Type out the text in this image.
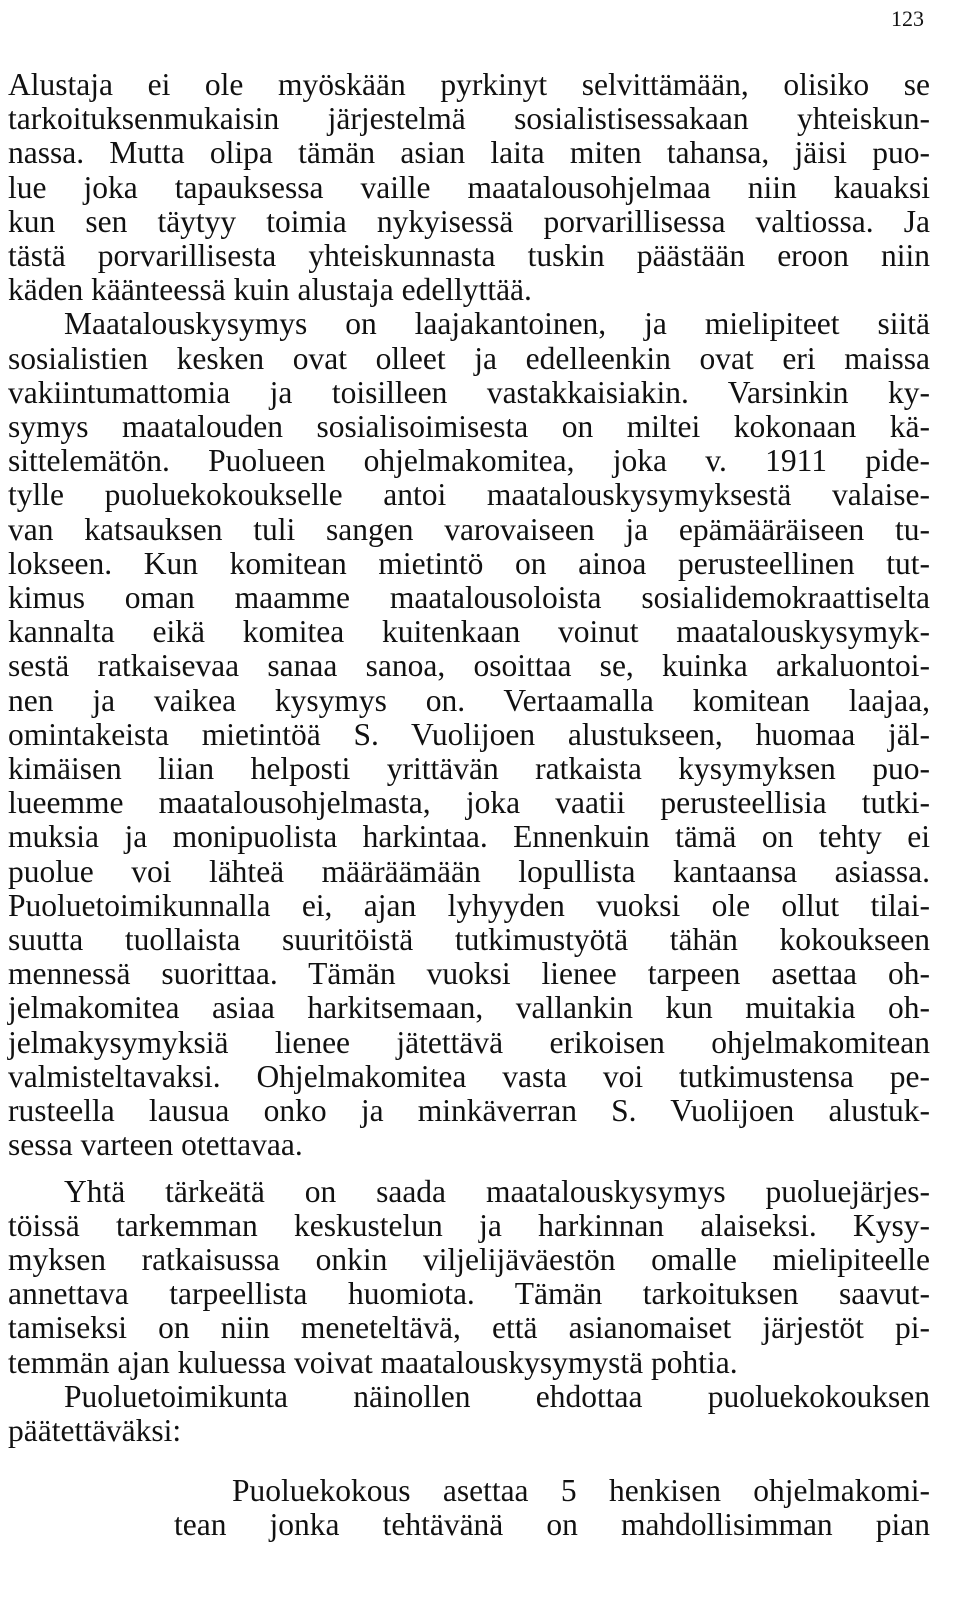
123
Alustaja ei ole myöskään pyrkinyt selvittämään, olisiko se
tarkoituksenmukaisin järjestelmä sosialistisessakaan yhteiskun-
nassa. Mutta olipa tämän asian laita miten tahansa, jäisi puo-
lue joka tapauksessa vaille maatalousohjelmaa niin kauaksi
kun sen täytyy toimia nykyisessä porvarillisessa valtiossa. Ja
tästä porvarillisesta yhteiskunnasta tuskin päästään eroon niin
käden käänteessä kuin alustaja edellyttää.
Maatalouskysymys on laajakantoinen, ja mielipiteet siitä
sosialistien kesken ovat olleet ja edelleenkin ovat eri maissa
vakiintumattomia ja toisilleen vastakkaisiakin. Varsinkin ky-
symys maatalouden sosialisoimisesta on miltei kokonaan kä-
sittelemätön. Puolueen ohjelmakomitea, joka v. 1911 pide-
tylle puoluekokoukselle antoi maatalouskysymyksestä valaise-
van katsauksen tuli sangen varovaiseen ja epämääräiseen tu-
lokseen. Kun komitean mietintö on ainoa perusteellinen tut-
kimus oman maamme maatalousoloista sosialidemokraattiselta
kannalta eikä komitea kuitenkaan voinut maatalouskysymyk-
sestä ratkaisevaa sanaa sanoa, osoittaa se, kuinka arkaluontoi-
nen ja vaikea kysymys on. Vertaamalla komitean laajaa,
omintakeista mietintöä S. Vuolijoen alustukseen, huomaa jäl-
kimäisen liian helposti yrittävän ratkaista kysymyksen puo-
lueemme maatalousohjelmasta, joka vaatii perusteellisia tutki-
muksia ja monipuolista harkintaa. Ennenkuin tämä on tehty ei
puolue voi lähteä määräämään lopullista kantaansa asiassa.
Puoluetoimikunnalla ei, ajan lyhyyden vuoksi ole ollut tilai-
suutta tuollaista suuritöistä tutkimustyötä tähän kokoukseen
mennessä suorittaa. Tämän vuoksi lienee tarpeen asettaa oh-
jelmakomitea asiaa harkitsemaan, vallankin kun muitakia oh-
jelmakysymyksiä lienee jätettävä erikoisen ohjelmakomitean
valmisteltavaksi. Ohjelmakomitea vasta voi tutkimustensa pe-
rusteella lausua onko ja minkäverran S. Vuolijoen alustuk-
sessa varteen otettavaa.
Yhtä tärkeätä on saada maatalouskysymys puoluejärjes-
töissä tarkemman keskustelun ja harkinnan alaiseksi. Kysy-
myksen ratkaisussa onkin viljelijäväestön omalle mielipiteelle
annettava tarpeellista huomiota. Tämän tarkoituksen saavut-
tamiseksi on niin meneteltävä, että asianomaiset järjestöt pi-
temmän ajan kuluessa voivat maatalouskysymystä pohtia.
Puoluetoimikunta näinollen ehdottaa puoluekokouksen
päätettäväksi:
Puoluekokous asettaa 5 henkisen ohjelmakomi-
tean jonka tehtävänä on mahdollisimman pian
